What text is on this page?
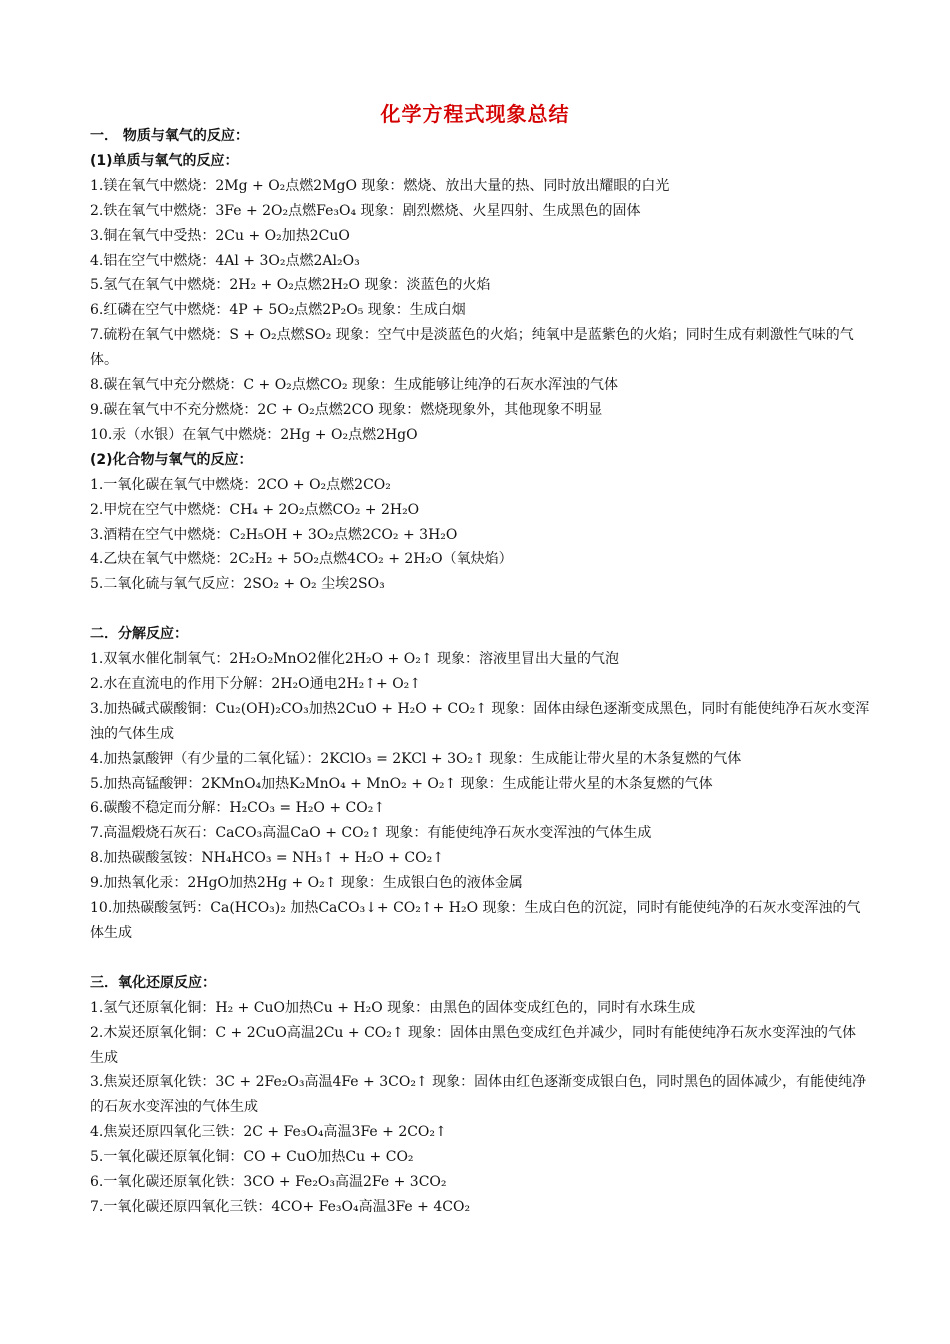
化学方程式现象总结
一． 物质与氧气的反应：
(1)单质与氧气的反应：
1.镁在氧气中燃烧：2Mg + O₂点燃2MgO 现象：燃烧、放出大量的热、同时放出耀眼的白光
2.铁在氧气中燃烧：3Fe + 2O₂点燃Fe₃O₄ 现象：剧烈燃烧、火星四射、生成黑色的固体
3.铜在氧气中受热：2Cu + O₂加热2CuO
4.铝在空气中燃烧：4Al + 3O₂点燃2Al₂O₃
5.氢气在氧气中燃烧：2H₂ + O₂点燃2H₂O 现象：淡蓝色的火焰
6.红磷在空气中燃烧：4P + 5O₂点燃2P₂O₅ 现象：生成白烟
7.硫粉在氧气中燃烧：S + O₂点燃SO₂ 现象：空气中是淡蓝色的火焰；纯氧中是蓝紫色的火焰；同时生成有刺激性气味的气体。
8.碳在氧气中充分燃烧：C + O₂点燃CO₂ 现象：生成能够让纯净的石灰水浑浊的气体
9.碳在氧气中不充分燃烧：2C + O₂点燃2CO 现象：燃烧现象外，其他现象不明显
10.汞（水银）在氧气中燃烧：2Hg + O₂点燃2HgO
(2)化合物与氧气的反应：
1.一氧化碳在氧气中燃烧：2CO + O₂点燃2CO₂
2.甲烷在空气中燃烧：CH₄ + 2O₂点燃CO₂ + 2H₂O
3.酒精在空气中燃烧：C₂H₅OH + 3O₂点燃2CO₂ + 3H₂O
4.乙炔在氧气中燃烧：2C₂H₂ + 5O₂点燃4CO₂ + 2H₂O（氧炔焰）
5.二氧化硫与氧气反应：2SO₂ + O₂ 尘埃2SO₃
二．分解反应：
1.双氧水催化制氧气：2H₂O₂MnO2催化2H₂O + O₂↑ 现象：溶液里冒出大量的气泡
2.水在直流电的作用下分解：2H₂O通电2H₂↑+ O₂↑
3.加热碱式碳酸铜：Cu₂(OH)₂CO₃加热2CuO + H₂O + CO₂↑ 现象：固体由绿色逐渐变成黑色，同时有能使纯净石灰水变浑浊的气体生成
4.加热氯酸钾（有少量的二氧化锰）：2KClO₃ = 2KCl + 3O₂↑ 现象：生成能让带火星的木条复燃的气体
5.加热高锰酸钾：2KMnO₄加热K₂MnO₄ + MnO₂ + O₂↑ 现象：生成能让带火星的木条复燃的气体
6.碳酸不稳定而分解：H₂CO₃ = H₂O + CO₂↑
7.高温煅烧石灰石：CaCO₃高温CaO + CO₂↑ 现象：有能使纯净石灰水变浑浊的气体生成
8.加热碳酸氢铵：NH₄HCO₃ = NH₃↑ + H₂O + CO₂↑
9.加热氧化汞：2HgO加热2Hg + O₂↑ 现象：生成银白色的液体金属
10.加热碳酸氢钙：Ca(HCO₃)₂ 加热CaCO₃↓+ CO₂↑+ H₂O 现象：生成白色的沉淀，同时有能使纯净的石灰水变浑浊的气体生成
三．氧化还原反应：
1.氢气还原氧化铜：H₂ + CuO加热Cu + H₂O 现象：由黑色的固体变成红色的，同时有水珠生成
2.木炭还原氧化铜：C + 2CuO高温2Cu + CO₂↑ 现象：固体由黑色变成红色并减少，同时有能使纯净石灰水变浑浊的气体生成
3.焦炭还原氧化铁：3C + 2Fe₂O₃高温4Fe + 3CO₂↑ 现象：固体由红色逐渐变成银白色，同时黑色的固体减少，有能使纯净的石灰水变浑浊的气体生成
4.焦炭还原四氧化三铁：2C + Fe₃O₄高温3Fe + 2CO₂↑
5.一氧化碳还原氧化铜：CO + CuO加热Cu + CO₂
6.一氧化碳还原氧化铁：3CO + Fe₂O₃高温2Fe + 3CO₂
7.一氧化碳还原四氧化三铁：4CO+ Fe₃O₄高温3Fe + 4CO₂
